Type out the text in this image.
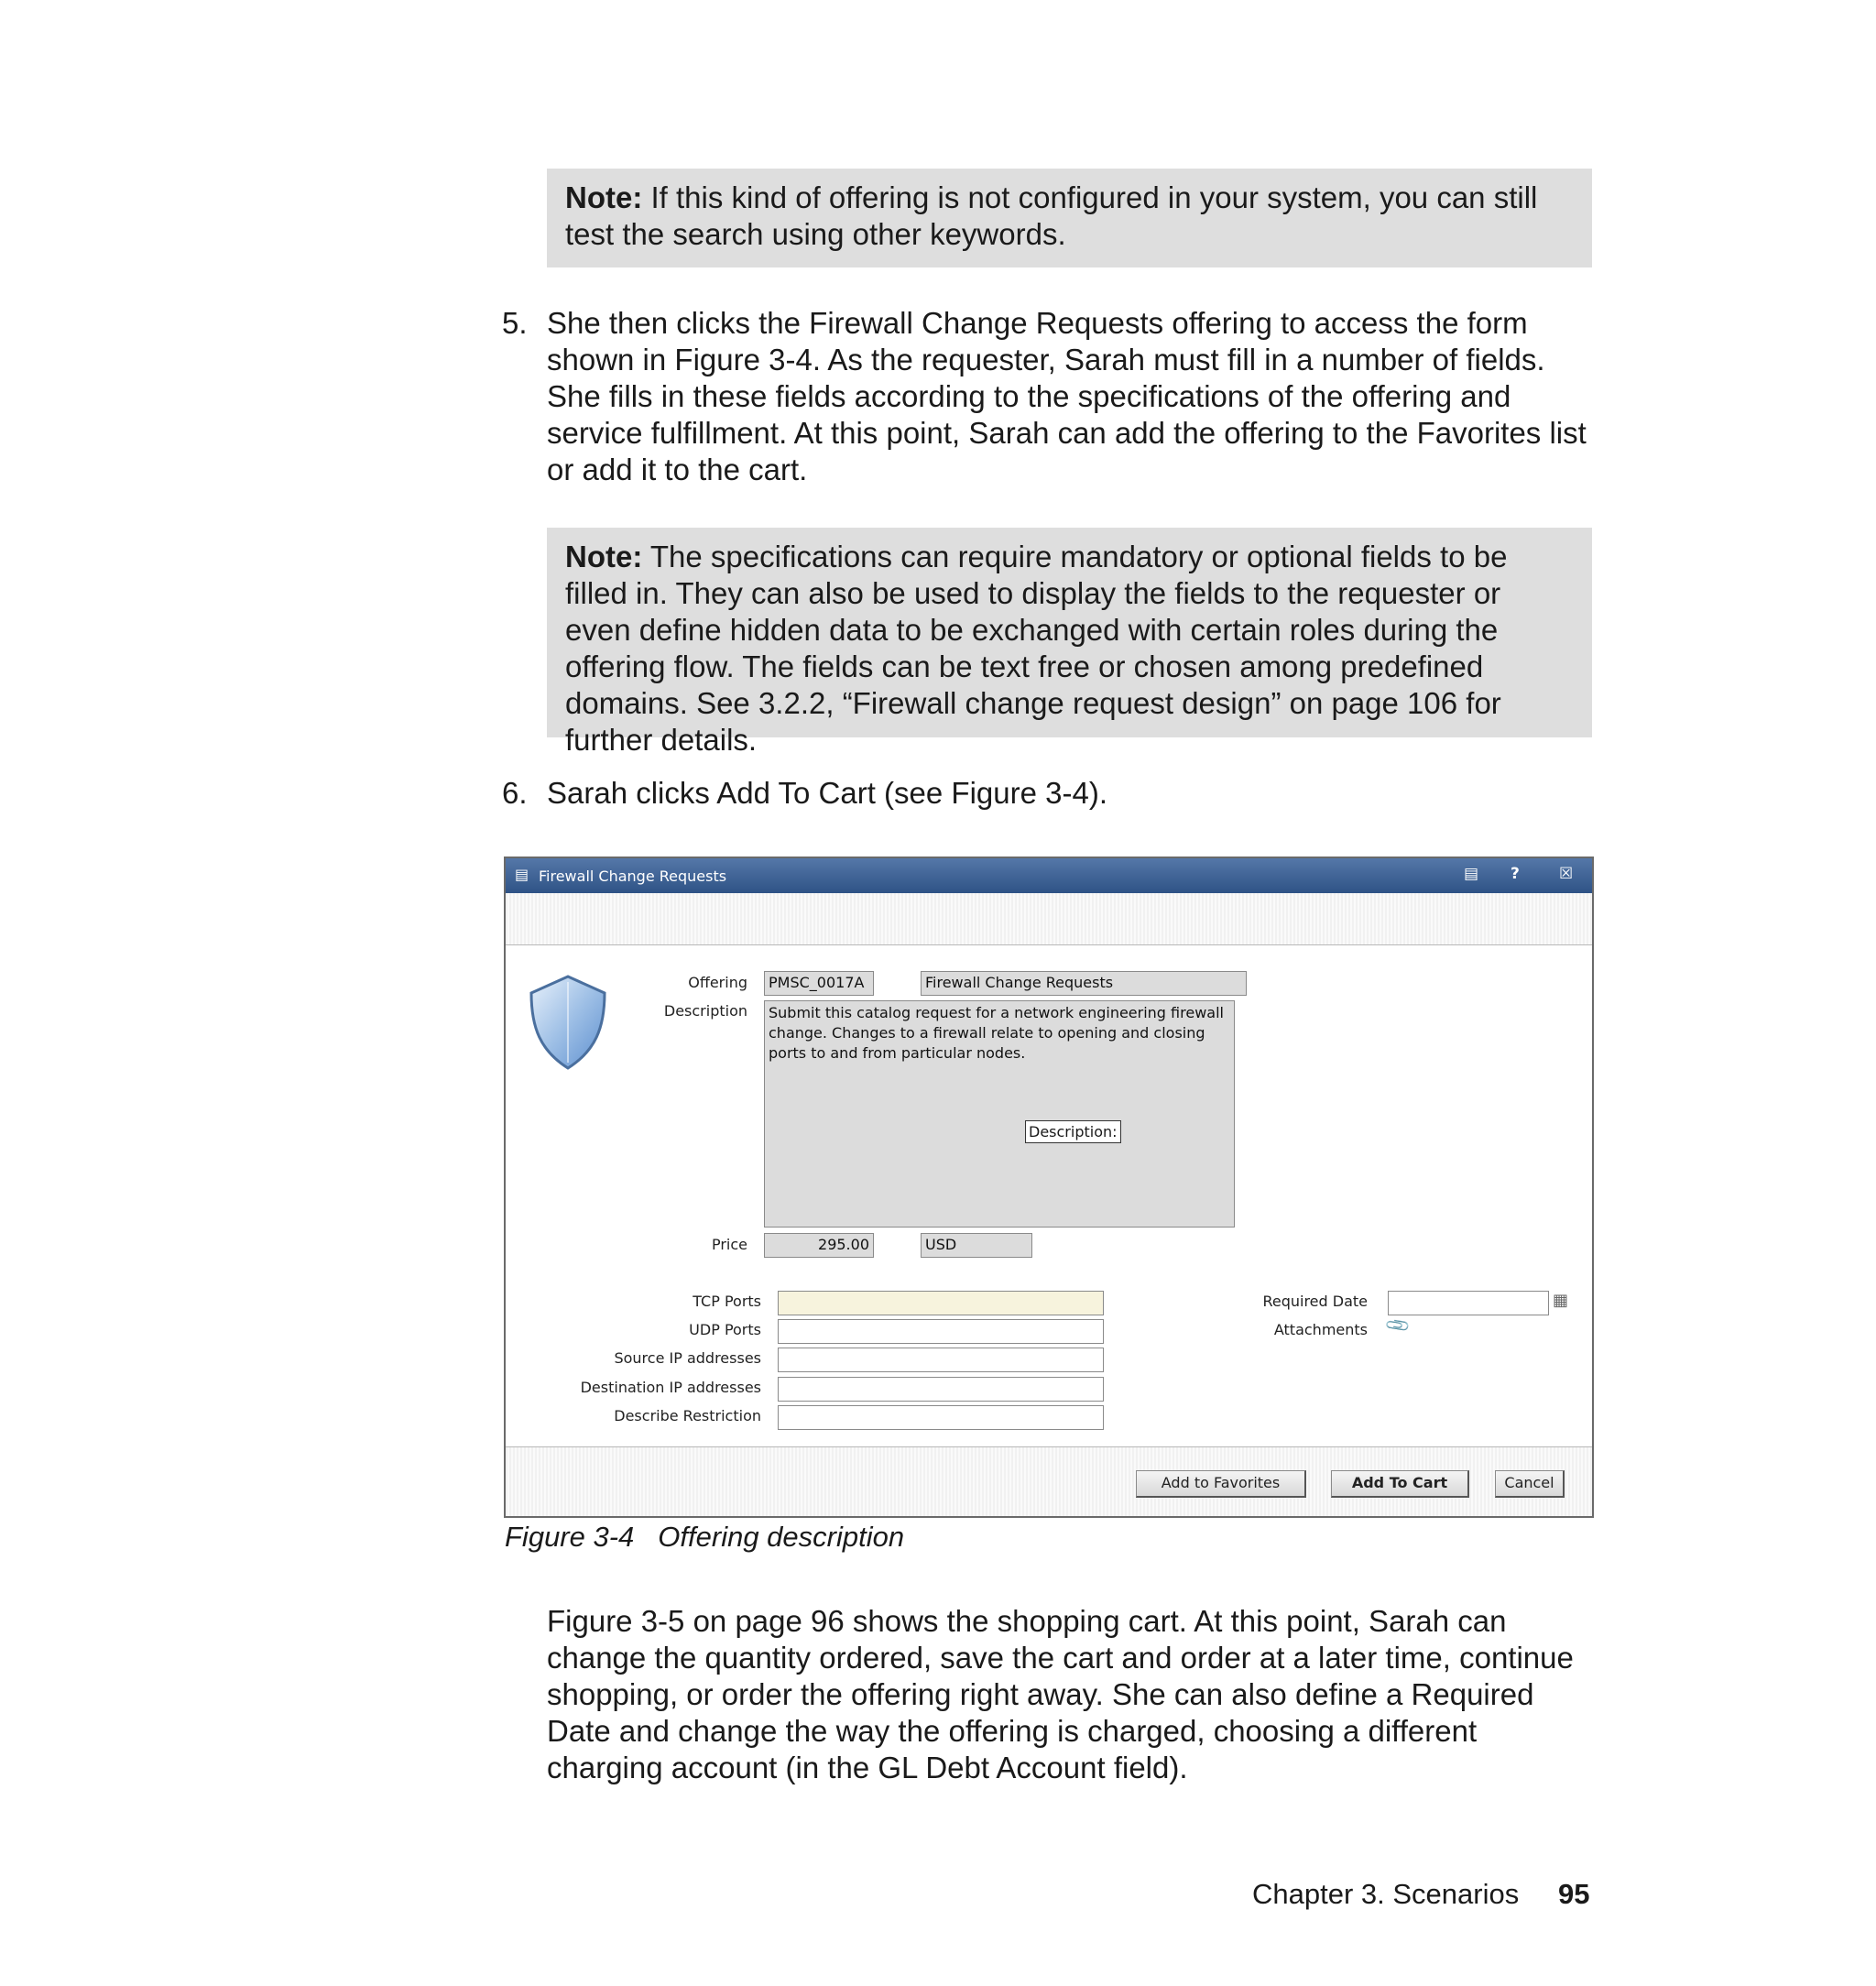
Note: If this kind of offering is not configured in your system, you can still test the search using other keywords.
5. She then clicks the Firewall Change Requests offering to access the form shown in Figure 3-4. As the requester, Sarah must fill in a number of fields. She fills in these fields according to the specifications of the offering and service fulfillment. At this point, Sarah can add the offering to the Favorites list or add it to the cart.
Note: The specifications can require mandatory or optional fields to be filled in. They can also be used to display the fields to the requester or even define hidden data to be exchanged with certain roles during the offering flow. The fields can be text free or chosen among predefined domains. See 3.2.2, “Firewall change request design” on page 106 for further details.
6. Sarah clicks Add To Cart (see Figure 3-4).
▤ Firewall Change Requests	▤ ?	☒
Offering	PMSC_0017A	Firewall Change Requests
Description	Submit this catalog request for a network engineering firewall change. Changes to a firewall relate to opening and closing ports to and from particular nodes.
Description:
Price	295.00	USD
TCP Ports
UDP Ports
Source IP addresses
Destination IP addresses
Describe Restriction
Required Date	▦
Attachments 📎
Add to Favorites	Add To Cart	Cancel
Figure 3-4 Offering description
Figure 3-5 on page 96 shows the shopping cart. At this point, Sarah can change the quantity ordered, save the cart and order at a later time, continue shopping, or order the offering right away. She can also define a Required Date and change the way the offering is charged, choosing a different charging account (in the GL Debt Account field).
Chapter 3. Scenarios 95
